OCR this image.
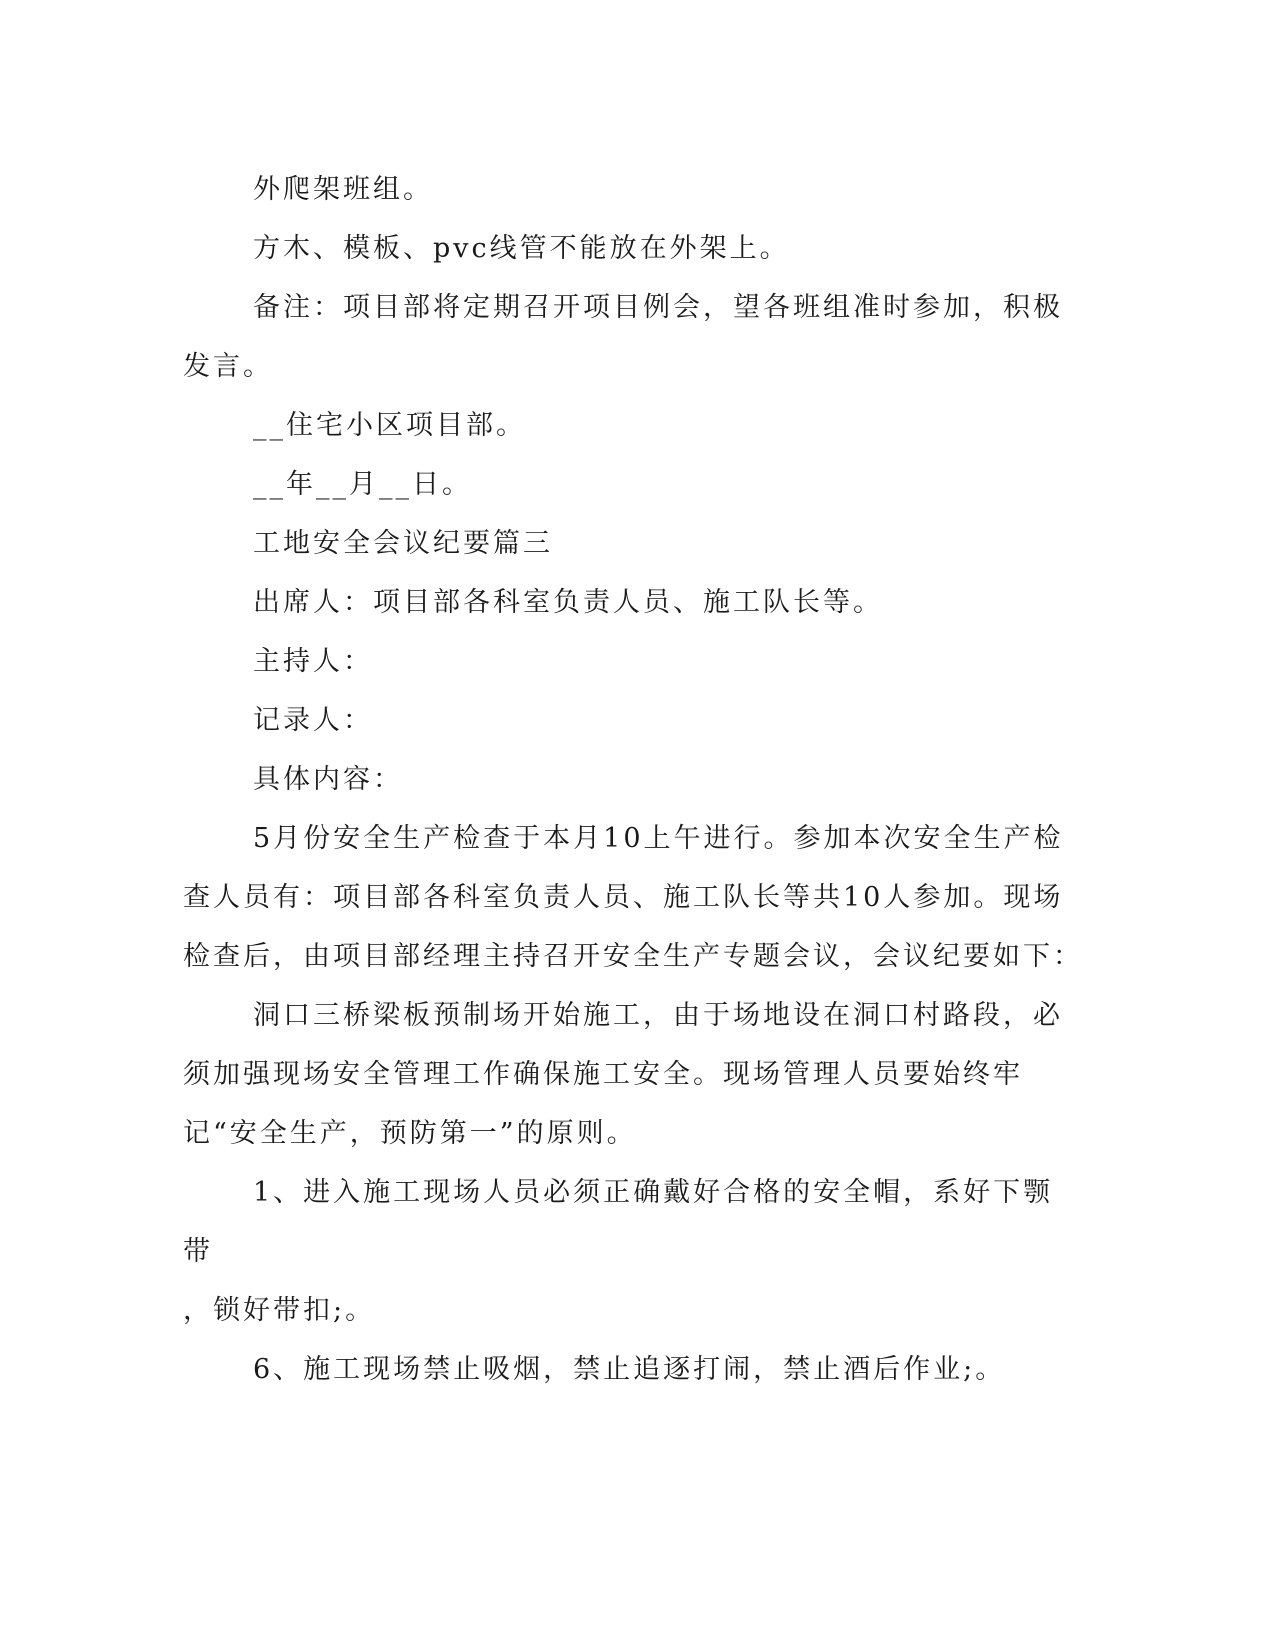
外爬架班组。

方木、模板、pvc线管不能放在外架上。

备注：项目部将定期召开项目例会，望各班组准时参加，积极发言。

__住宅小区项目部。

__年__月__日。

工地安全会议纪要篇三

出席人：项目部各科室负责人员、施工队长等。

主持人：

记录人：

具体内容：

5月份安全生产检查于本月10上午进行。参加本次安全生产检查人员有：项目部各科室负责人员、施工队长等共10人参加。现场检查后，由项目部经理主持召开安全生产专题会议，会议纪要如下：

洞口三桥梁板预制场开始施工，由于场地设在洞口村路段，必须加强现场安全管理工作确保施工安全。现场管理人员要始终牢记“安全生产，预防第一”的原则。

1、进入施工现场人员必须正确戴好合格的安全帽，系好下颚带

，锁好带扣;。

6、施工现场禁止吸烟，禁止追逐打闹，禁止酒后作业;。
